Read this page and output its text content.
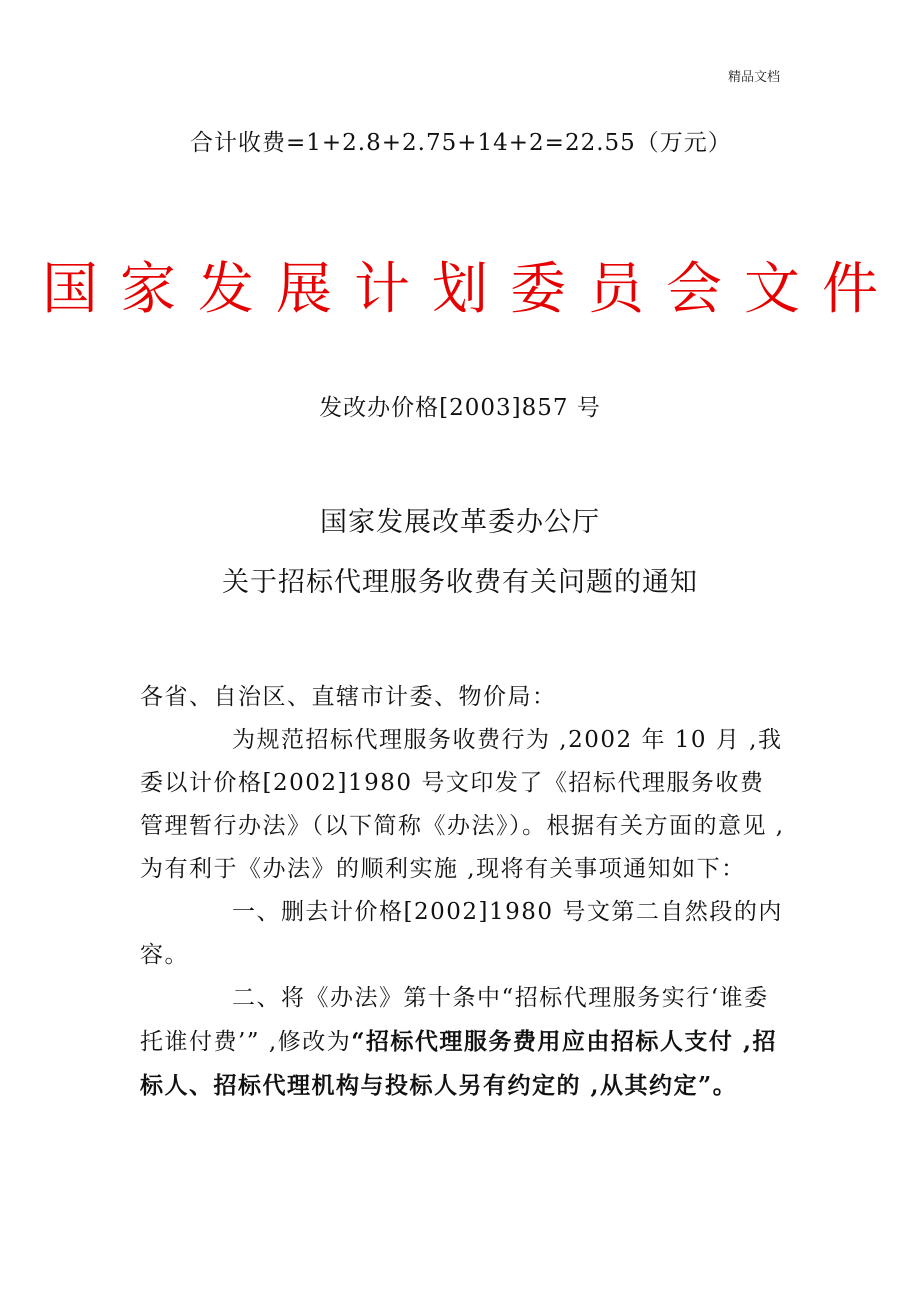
精品文档
合计收费=1+2.8+2.75+14+2=22.55（万元）
国家发展计划委员会文件
发改办价格[2003]857 号
国家发展改革委办公厅
关于招标代理服务收费有关问题的通知

各省、自治区、直辖市计委、物价局：

为规范招标代理服务收费行为 ,2002 年 10 月 ,我委以计价格[2002]1980 号文印发了《招标代理服务收费管理暂行办法》（以下简称《办法》）。根据有关方面的意见 ,为有利于《办法》的顺利实施 ,现将有关事项通知如下：

一、删去计价格[2002]1980 号文第二自然段的内容。

二、将《办法》第十条中“招标代理服务实行‘谁委托谁付费’” ,修改为“招标代理服务费用应由招标人支付 ,招标人、招标代理机构与投标人另有约定的 ,从其约定”。
